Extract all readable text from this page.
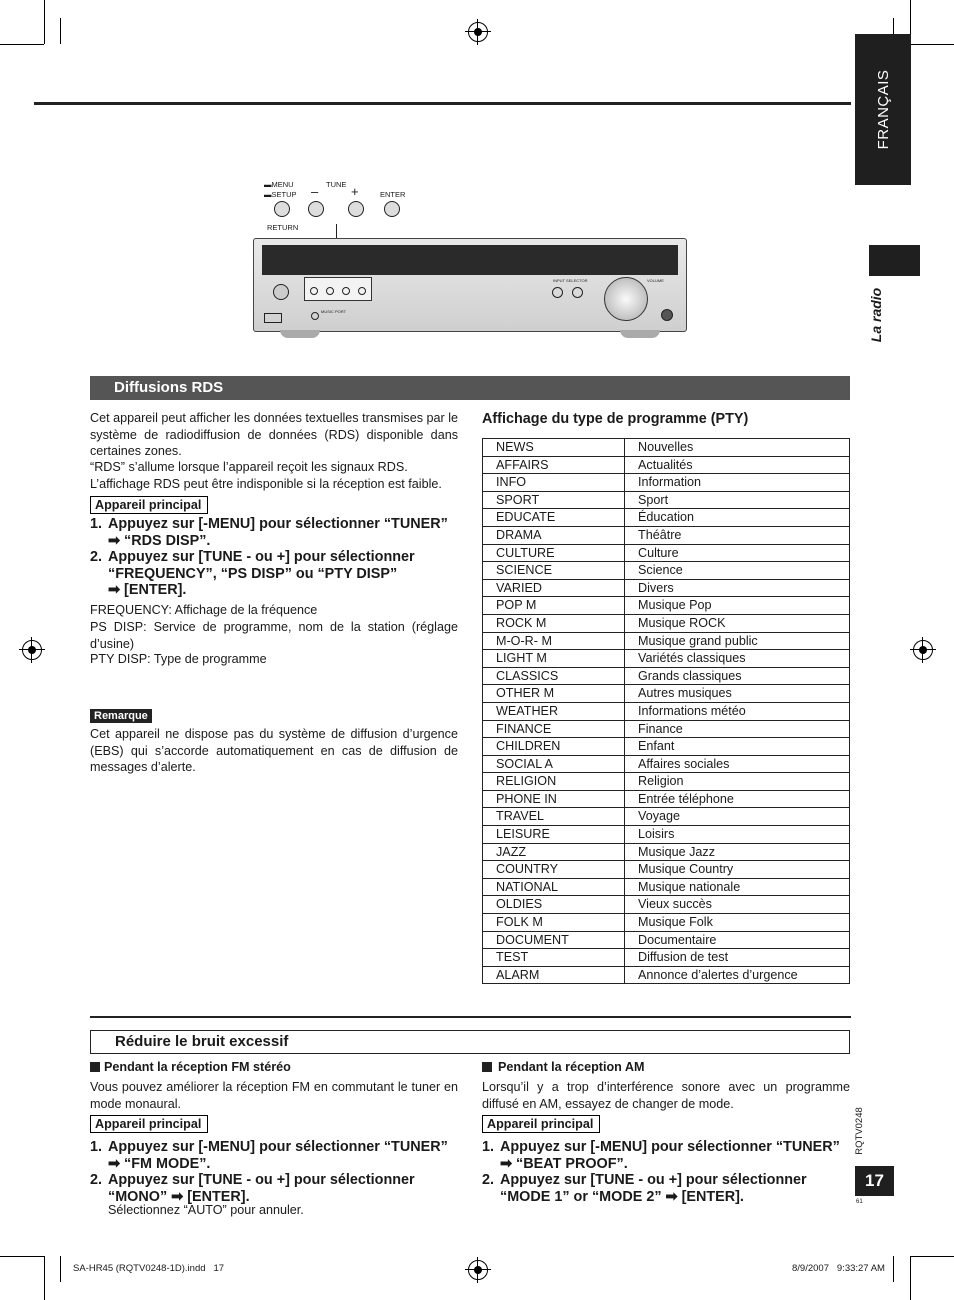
FRANÇAIS
La radio
▬MENU
▬SETUP
TUNE
–	+	ENTER
RETURN
INPUT SELECTOR	VOLUME
MUSIC PORT
Diffusions RDS
Cet appareil peut afficher les données textuelles transmises par le système de radiodiffusion de données (RDS) disponible dans certaines zones.
“RDS” s’allume lorsque l’appareil reçoit les signaux RDS.
L’affichage RDS peut être indisponible si la réception est faible.
Appareil principal
1. Appuyez sur [-MENU] pour sélectionner “TUNER”
➡ “RDS DISP”.
2. Appuyez sur [TUNE - ou +] pour sélectionner
“FREQUENCY”, “PS DISP” ou “PTY DISP”
➡ [ENTER].
FREQUENCY: Affichage de la fréquence
PS DISP: Service de programme, nom de la station (réglage d’usine)
PTY DISP: Type de programme
Remarque
Cet appareil ne dispose pas du système de diffusion d’urgence (EBS) qui s’accorde automatiquement en cas de diffusion de messages d’alerte.
Affichage du type de programme (PTY)
NEWS	Nouvelles
AFFAIRS	Actualités
INFO	Information
SPORT	Sport
EDUCATE	Éducation
DRAMA	Théâtre
CULTURE	Culture
SCIENCE	Science
VARIED	Divers
POP M	Musique Pop
ROCK M	Musique ROCK
M-O-R- M	Musique grand public
LIGHT M	Variétés classiques
CLASSICS	Grands classiques
OTHER M	Autres musiques
WEATHER	Informations météo
FINANCE	Finance
CHILDREN	Enfant
SOCIAL A	Affaires sociales
RELIGION	Religion
PHONE IN	Entrée téléphone
TRAVEL	Voyage
LEISURE	Loisirs
JAZZ	Musique Jazz
COUNTRY	Musique Country
NATIONAL	Musique nationale
OLDIES	Vieux succès
FOLK M	Musique Folk
DOCUMENT	Documentaire
TEST	Diffusion de test
ALARM	Annonce d’alertes d’urgence
Réduire le bruit excessif
Pendant la réception FM stéréo
Vous pouvez améliorer la réception FM en commutant le tuner en mode monaural.
Appareil principal
1. Appuyez sur [-MENU] pour sélectionner “TUNER”
➡ “FM MODE”.
2. Appuyez sur [TUNE - ou +] pour sélectionner
“MONO” ➡ [ENTER].
Sélectionnez “AUTO” pour annuler.
Pendant la réception AM
Lorsqu’il y a trop d’interférence sonore avec un programme diffusé en AM, essayez de changer de mode.
Appareil principal
1. Appuyez sur [-MENU] pour sélectionner “TUNER”
➡ “BEAT PROOF”.
2. Appuyez sur [TUNE - ou +] pour sélectionner
“MODE 1” or “MODE 2” ➡ [ENTER].
RQTV0248
17
61
SA-HR45 (RQTV0248-1D).indd   17	8/9/2007   9:33:27 AM
